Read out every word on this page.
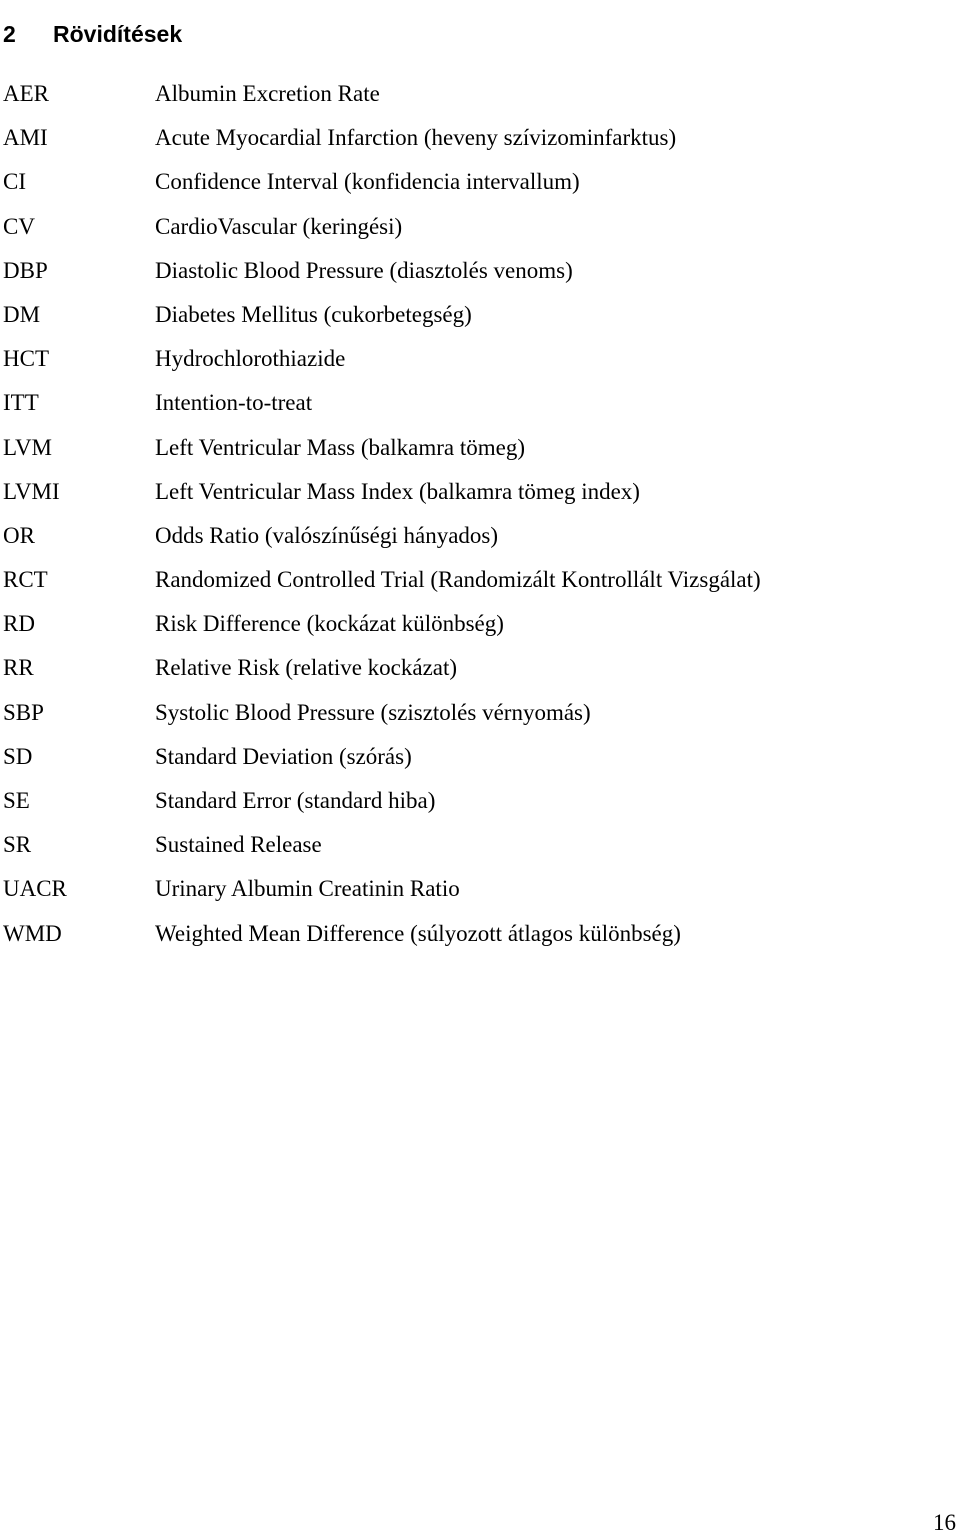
2 Rövidítések
AER	Albumin Excretion Rate
AMI	Acute Myocardial Infarction (heveny szívizominfarktus)
CI	Confidence Interval (konfidencia intervallum)
CV	CardioVascular (keringési)
DBP	Diastolic Blood Pressure (diasztolés venoms)
DM	Diabetes Mellitus (cukorbetegség)
HCT	Hydrochlorothiazide
ITT	Intention-to-treat
LVM	Left Ventricular Mass (balkamra tömeg)
LVMI	Left Ventricular Mass Index (balkamra tömeg index)
OR	Odds Ratio (valószínűségi hányados)
RCT	Randomized Controlled Trial (Randomizált Kontrollált Vizsgálat)
RD	Risk Difference (kockázat különbség)
RR	Relative Risk (relative kockázat)
SBP	Systolic Blood Pressure (szisztolés vérnyomás)
SD	Standard Deviation (szórás)
SE	Standard Error (standard hiba)
SR	Sustained Release
UACR	Urinary Albumin Creatinin Ratio
WMD	Weighted Mean Difference (súlyozott átlagos különbség)
16
